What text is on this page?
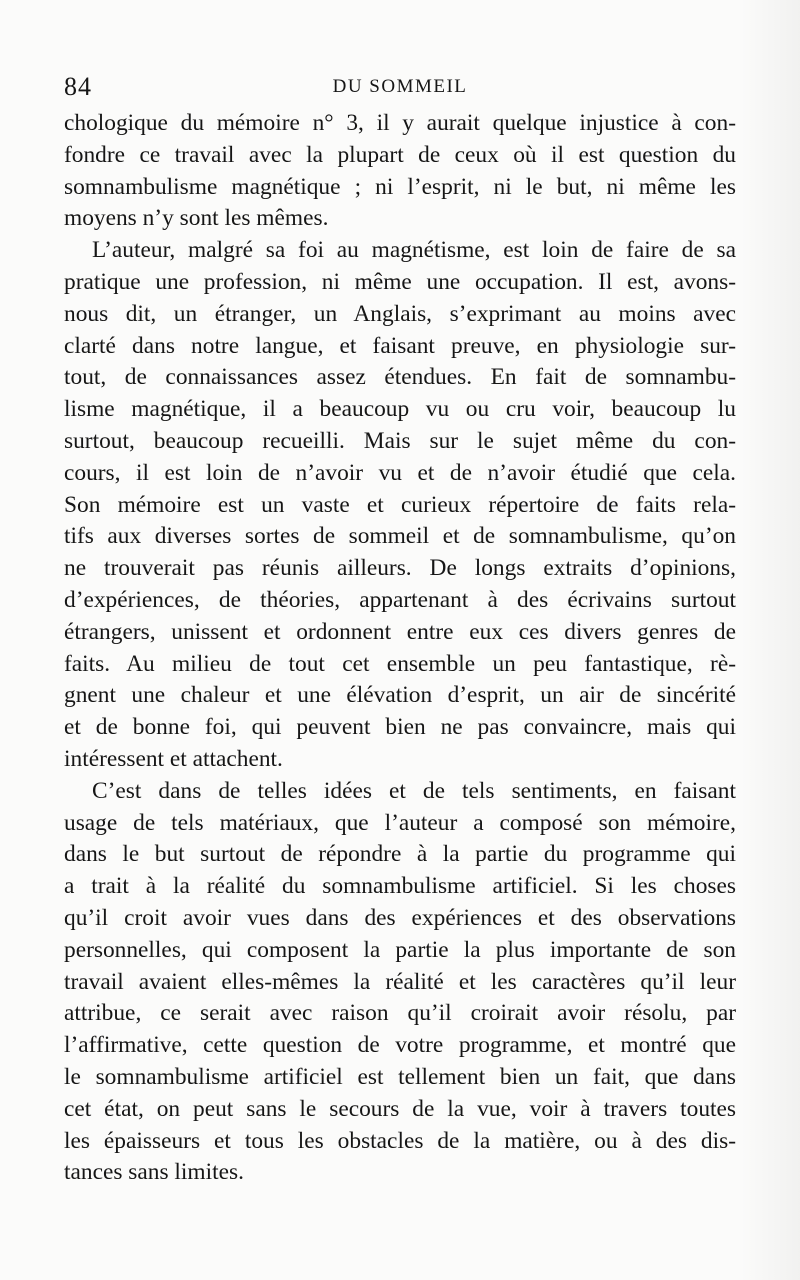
84	DU SOMMEIL
chologique du mémoire n° 3, il y aurait quelque injustice à con-
fondre ce travail avec la plupart de ceux où il est question du
somnambulisme magnétique ; ni l’esprit, ni le but, ni même les
moyens n’y sont les mêmes.
L’auteur, malgré sa foi au magnétisme, est loin de faire de sa
pratique une profession, ni même une occupation. Il est, avons-
nous dit, un étranger, un Anglais, s’exprimant au moins avec
clarté dans notre langue, et faisant preuve, en physiologie sur-
tout, de connaissances assez étendues. En fait de somnambu-
lisme magnétique, il a beaucoup vu ou cru voir, beaucoup lu
surtout, beaucoup recueilli. Mais sur le sujet même du con-
cours, il est loin de n’avoir vu et de n’avoir étudié que cela.
Son mémoire est un vaste et curieux répertoire de faits rela-
tifs aux diverses sortes de sommeil et de somnambulisme, qu’on
ne trouverait pas réunis ailleurs. De longs extraits d’opinions,
d’expériences, de théories, appartenant à des écrivains surtout
étrangers, unissent et ordonnent entre eux ces divers genres de
faits. Au milieu de tout cet ensemble un peu fantastique, rè-
gnent une chaleur et une élévation d’esprit, un air de sincérité
et de bonne foi, qui peuvent bien ne pas convaincre, mais qui
intéressent et attachent.
C’est dans de telles idées et de tels sentiments, en faisant
usage de tels matériaux, que l’auteur a composé son mémoire,
dans le but surtout de répondre à la partie du programme qui
a trait à la réalité du somnambulisme artificiel. Si les choses
qu’il croit avoir vues dans des expériences et des observations
personnelles, qui composent la partie la plus importante de son
travail avaient elles-mêmes la réalité et les caractères qu’il leur
attribue, ce serait avec raison qu’il croirait avoir résolu, par
l’affirmative, cette question de votre programme, et montré que
le somnambulisme artificiel est tellement bien un fait, que dans
cet état, on peut sans le secours de la vue, voir à travers toutes
les épaisseurs et tous les obstacles de la matière, ou à des dis-
tances sans limites.
